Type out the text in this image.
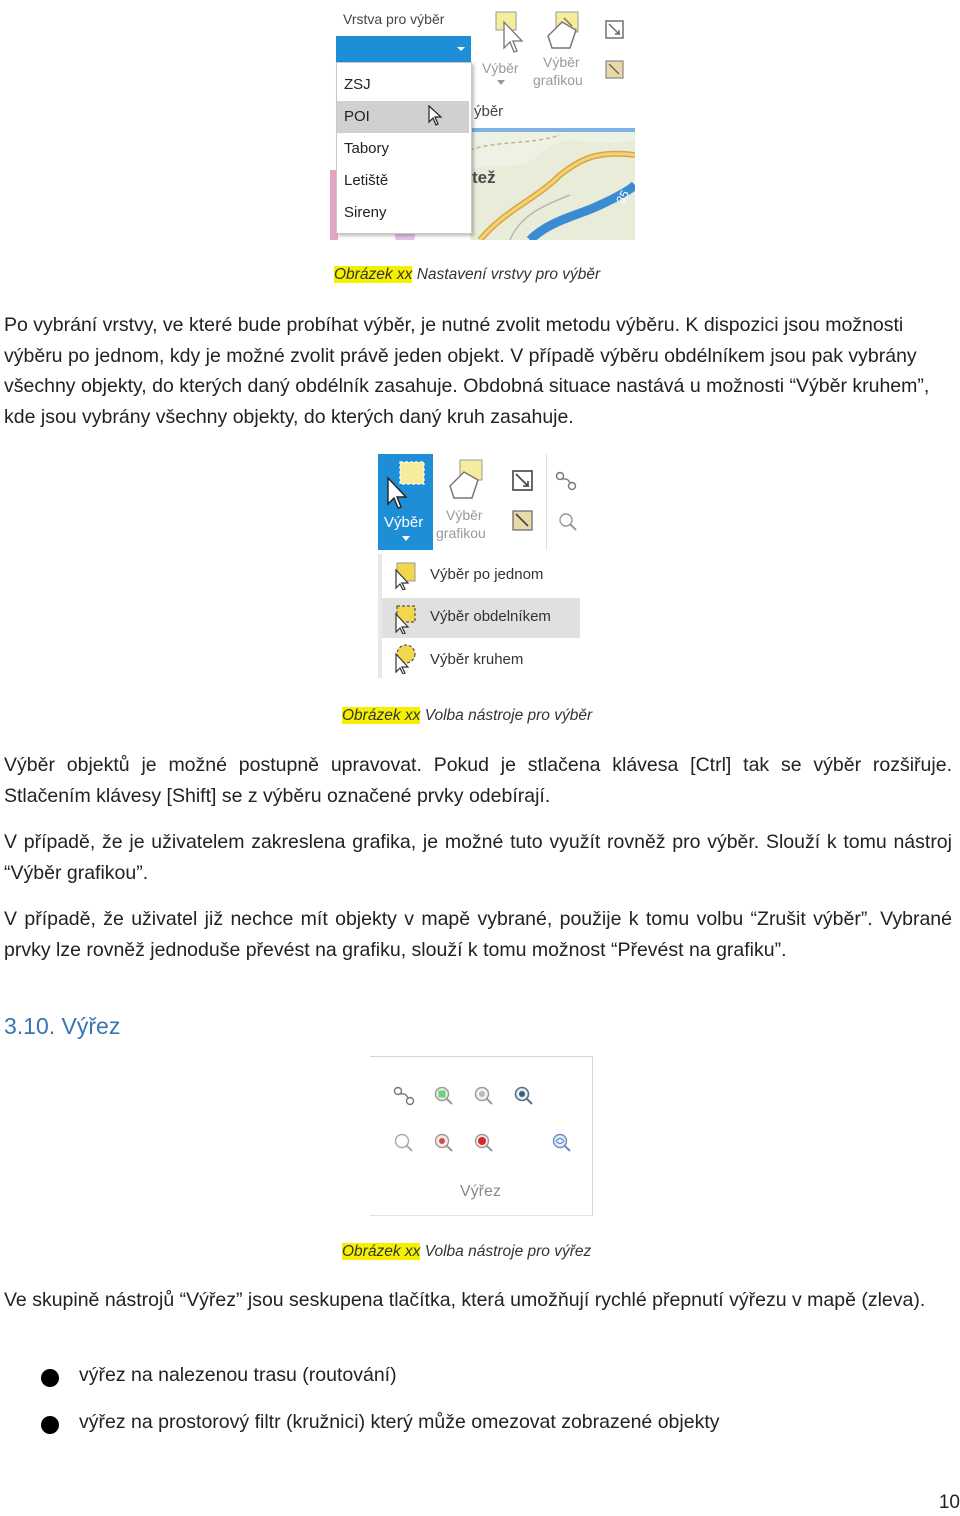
Vrstva pro výběr
ZSJ
POI
Tabory
Letiště
Sireny
Výběr Výběr
grafikou
ýběr
tež
35
Obrázek xx Nastavení vrstvy pro výběr

Po vybrání vrstvy, ve které bude probíhat výběr, je nutné zvolit metodu výběru. K dispozici jsou možnosti výběru po jednom, kdy je možné zvolit právě jeden objekt. V případě výběru obdélníkem jsou pak vybrány všechny objekty, do kterých daný obdélník zasahuje. Obdobná situace nastává u možnosti “Výběr kruhem”, kde jsou vybrány všechny objekty, do kterých daný kruh zasahuje.

Výběr Výběr
grafikou
Výběr po jednom
Výběr obdelníkem
Výběr kruhem
Obrázek xx Volba nástroje pro výběr

Výběr objektů je možné postupně upravovat. Pokud je stlačena klávesa [Ctrl] tak se výběr rozšiřuje. Stlačením klávesy [Shift] se z výběru označené prvky odebírají.

V případě, že je uživatelem zakreslena grafika, je možné tuto využít rovněž pro výběr. Slouží k tomu nástroj “Výběr grafikou”.

V případě, že uživatel již nechce mít objekty v mapě vybrané, použije k tomu volbu “Zrušit výběr”. Vybrané prvky lze rovněž jednoduše převést na grafiku, slouží k tomu možnost “Převést na grafiku”.

3.10. Výřez
Výřez
Obrázek xx Volba nástroje pro výřez

Ve skupině nástrojů “Výřez” jsou seskupena tlačítka, která umožňují rychlé přepnutí výřezu v mapě (zleva).

výřez na nalezenou trasu (routování)
výřez na prostorový filtr (kružnici) který může omezovat zobrazené objekty
10
